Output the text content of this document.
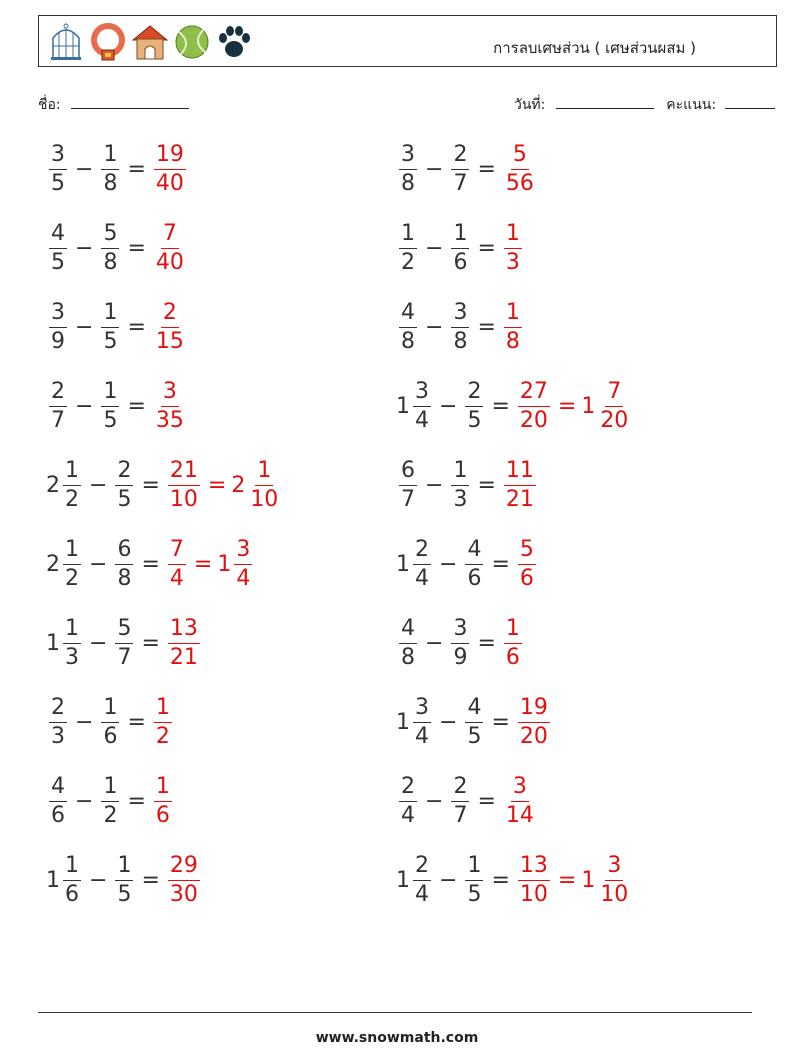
การลบเศษส่วน ( เศษส่วนผสม )
ชื่อ:	วันที่:	คะแนน:
$\frac{3}{5} - \frac{1}{8} = \frac{19}{40}$	$\frac{3}{8} - \frac{2}{7} = \frac{5}{56}$
$\frac{4}{5} - \frac{5}{8} = \frac{7}{40}$	$\frac{1}{2} - \frac{1}{6} = \frac{1}{3}$
$\frac{3}{9} - \frac{1}{5} = \frac{2}{15}$	$\frac{4}{8} - \frac{3}{8} = \frac{1}{8}$
$\frac{2}{7} - \frac{1}{5} = \frac{3}{35}$	$1 \frac{3}{4} - \frac{2}{5} = \frac{27}{20} = 1 \frac{7}{20}$
$2 \frac{1}{2} - \frac{2}{5} = \frac{21}{10} = 2 \frac{1}{10}$	$\frac{6}{7} - \frac{1}{3} = \frac{11}{21}$
$2 \frac{1}{2} - \frac{6}{8} = \frac{7}{4} = 1 \frac{3}{4}$	$1 \frac{2}{4} - \frac{4}{6} = \frac{5}{6}$
$1 \frac{1}{3} - \frac{5}{7} = \frac{13}{21}$	$\frac{4}{8} - \frac{3}{9} = \frac{1}{6}$
$\frac{2}{3} - \frac{1}{6} = \frac{1}{2}$	$1 \frac{3}{4} - \frac{4}{5} = \frac{19}{20}$
$\frac{4}{6} - \frac{1}{2} = \frac{1}{6}$	$\frac{2}{4} - \frac{2}{7} = \frac{3}{14}$
$1 \frac{1}{6} - \frac{1}{5} = \frac{29}{30}$	$1 \frac{2}{4} - \frac{1}{5} = \frac{13}{10} = 1 \frac{3}{10}$
www.snowmath.com
